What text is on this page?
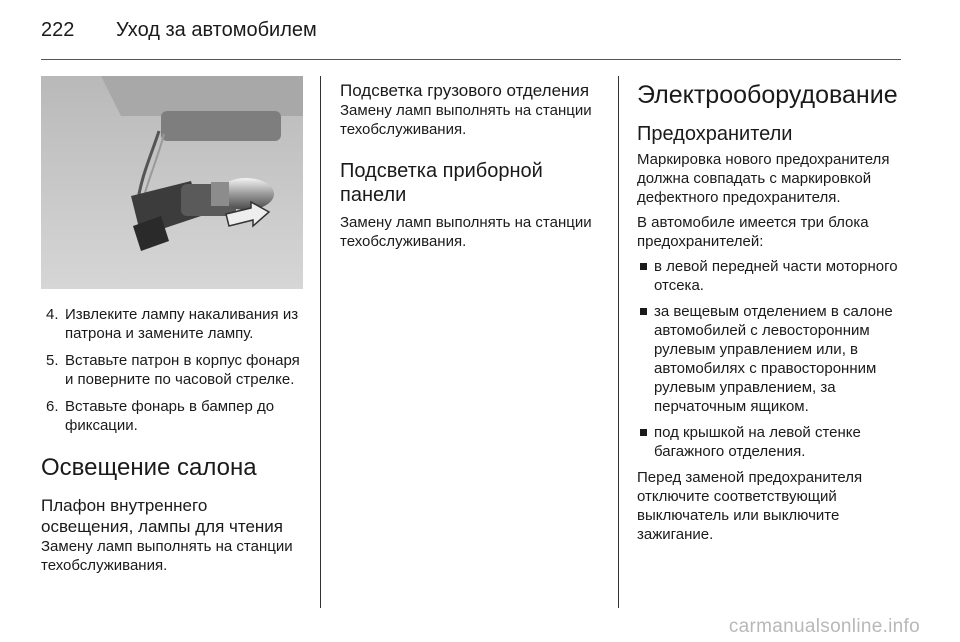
222 Уход за автомобилем
4. Извлеките лампу накаливания из патрона и замените лампу.
5. Вставьте патрон в корпус фонаря и поверните по часовой стрелке.
6. Вставьте фонарь в бампер до фиксации.
Освещение салона
Плафон внутреннего освещения, лампы для чтения

Замену ламп выполнять на станции техобслуживания.

Подсветка грузового отделения

Замену ламп выполнять на станции техобслуживания.

Подсветка приборной панели

Замену ламп выполнять на станции техобслуживания.

Электрооборудование
Предохранители

Маркировка нового предохранителя должна совпадать с маркировкой дефектного предохранителя.

В автомобиле имеется три блока предохранителей:

в левой передней части моторного отсека.
за вещевым отделением в салоне автомобилей с левосторонним рулевым управлением или, в автомобилях с правосторонним рулевым управлением, за перчаточным ящиком.
под крышкой на левой стенке багажного отделения.

Перед заменой предохранителя отключите соответствующий выключатель или выключите зажигание.

carmanualsonline.info
